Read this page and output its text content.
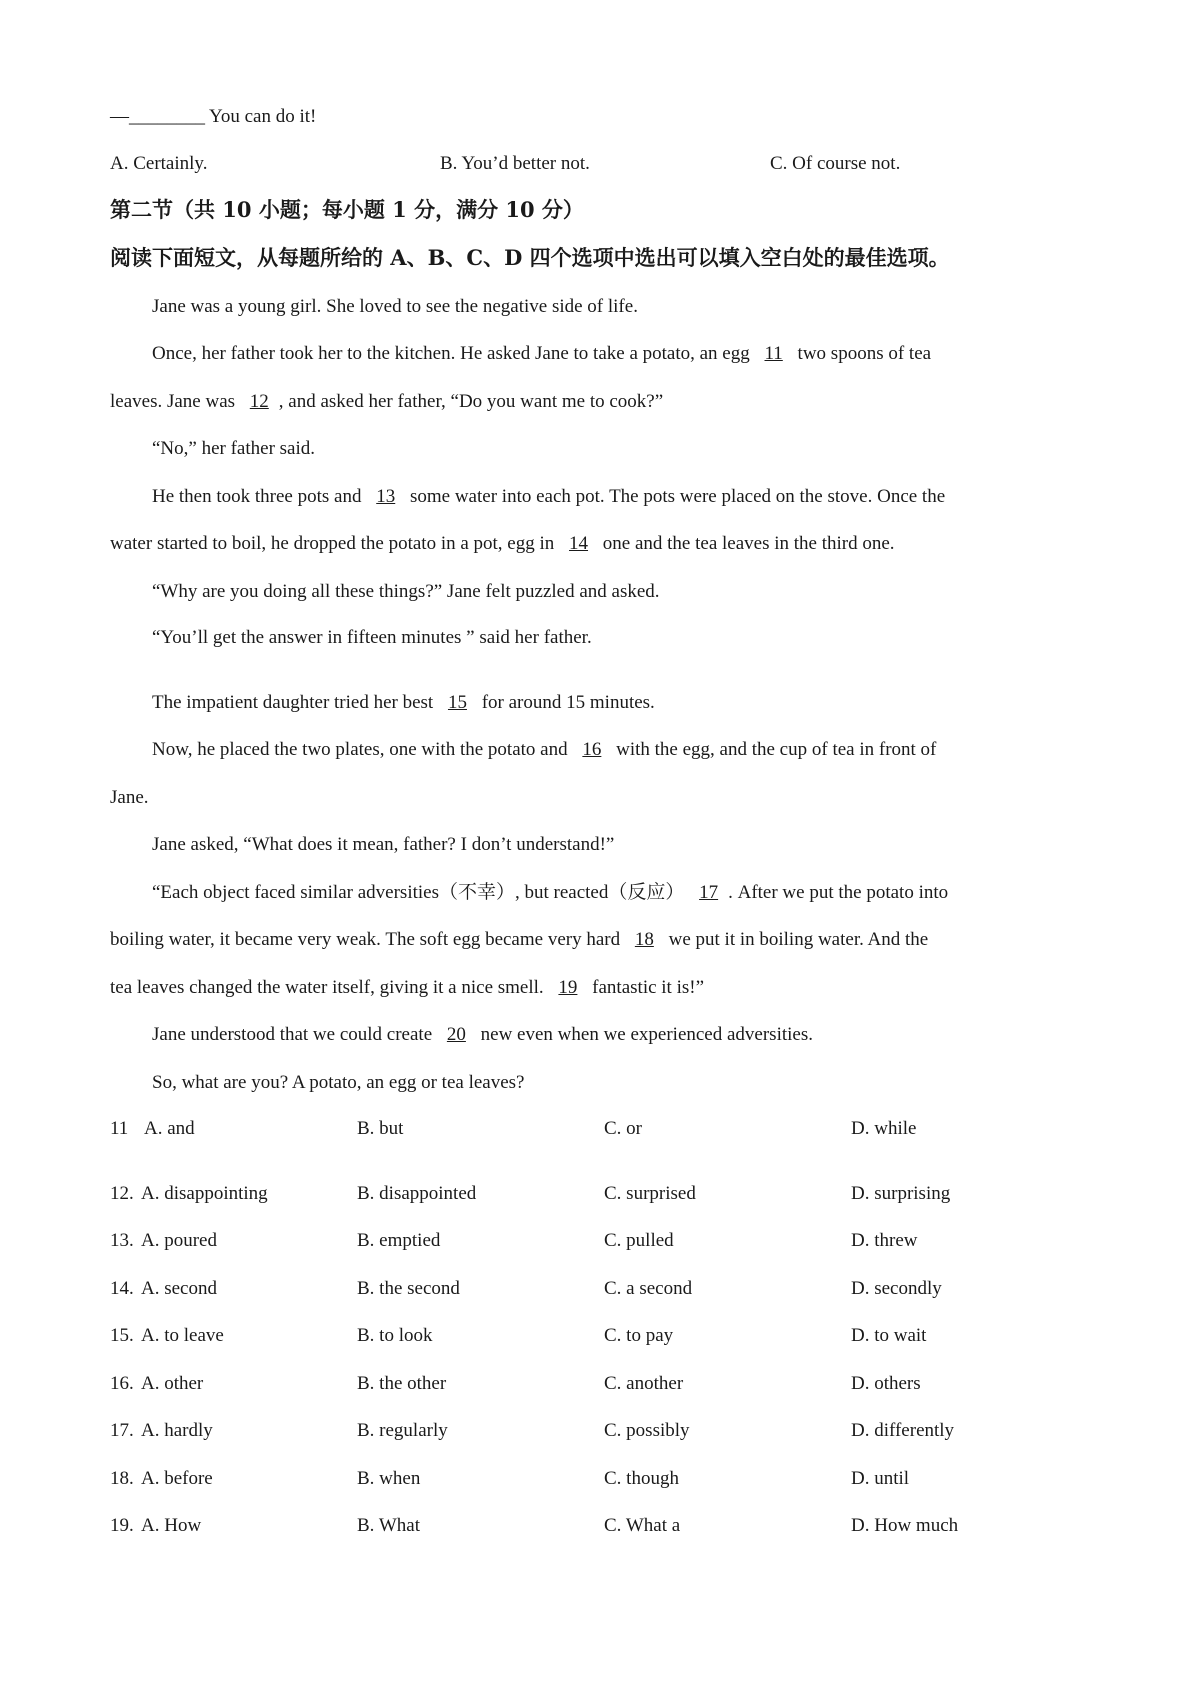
—________ You can do it!
A. Certainly.	B. You’d better not.	C. Of course not.
第二节（共 10 小题；每小题 1 分，满分 10 分）
阅读下面短文，从每题所给的 A、B、C、D 四个选项中选出可以填入空白处的最佳选项。
Jane was a young girl. She loved to see the negative side of life.
Once, her father took her to the kitchen. He asked Jane to take a potato, an egg 11 two spoons of tea
leaves. Jane was 12 , and asked her father, “Do you want me to cook?”
“No,” her father said.
He then took three pots and 13 some water into each pot. The pots were placed on the stove. Once the
water started to boil, he dropped the potato in a pot, egg in 14 one and the tea leaves in the third one.
“Why are you doing all these things?” Jane felt puzzled and asked.
“You’ll get the answer in fifteen minutes ” said her father.
The impatient daughter tried her best 15 for around 15 minutes.
Now, he placed the two plates, one with the potato and 16 with the egg, and the cup of tea in front of
Jane.
Jane asked, “What does it mean, father? I don’t understand!”
“Each object faced similar adversities（不幸）, but reacted（反应） 17 . After we put the potato into
boiling water, it became very weak. The soft egg became very hard 18 we put it in boiling water. And the
tea leaves changed the water itself, giving it a nice smell. 19 fantastic it is!”
Jane understood that we could create 20 new even when we experienced adversities.
So, what are you? A potato, an egg or tea leaves?
11 A. and	B. but	C. or	D. while
12. A. disappointing	B. disappointed	C. surprised	D. surprising
13. A. poured	B. emptied	C. pulled	D. threw
14. A. second	B. the second	C. a second	D. secondly
15. A. to leave	B. to look	C. to pay	D. to wait
16. A. other	B. the other	C. another	D. others
17. A. hardly	B. regularly	C. possibly	D. differently
18. A. before	B. when	C. though	D. until
19. A. How	B. What	C. What a	D. How much
